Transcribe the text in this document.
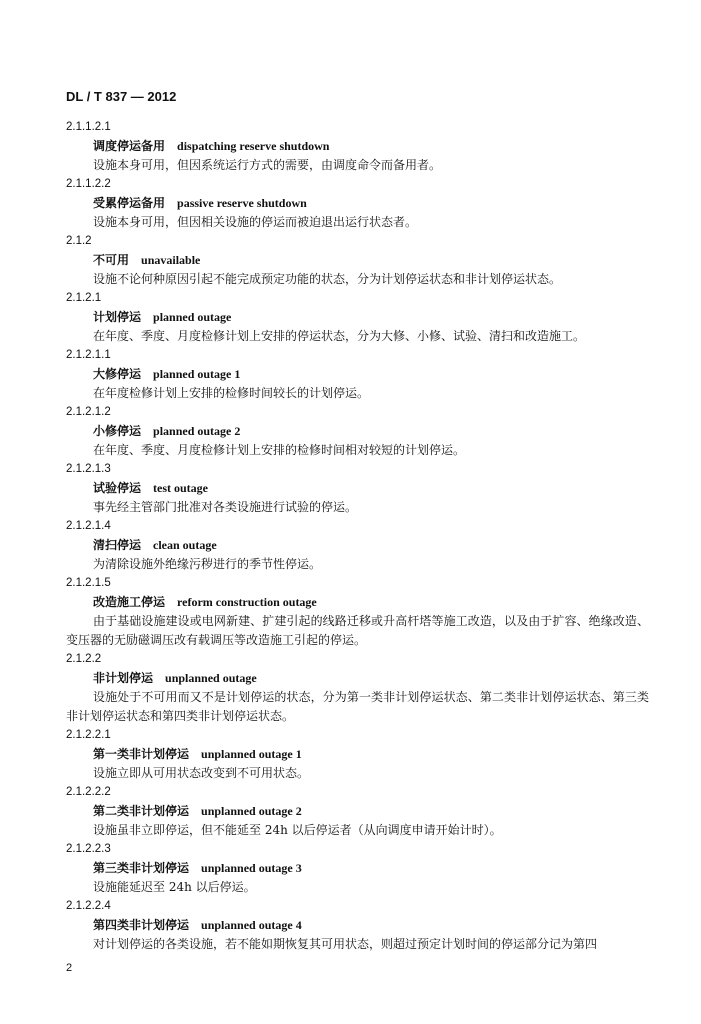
DL / T 837 — 2012
2.1.1.2.1
调度停运备用 dispatching reserve shutdown
设施本身可用，但因系统运行方式的需要，由调度命令而备用者。
2.1.1.2.2
受累停运备用 passive reserve shutdown
设施本身可用，但因相关设施的停运而被迫退出运行状态者。
2.1.2
不可用 unavailable
设施不论何种原因引起不能完成预定功能的状态，分为计划停运状态和非计划停运状态。
2.1.2.1
计划停运 planned outage
在年度、季度、月度检修计划上安排的停运状态，分为大修、小修、试验、清扫和改造施工。
2.1.2.1.1
大修停运 planned outage 1
在年度检修计划上安排的检修时间较长的计划停运。
2.1.2.1.2
小修停运 planned outage 2
在年度、季度、月度检修计划上安排的检修时间相对较短的计划停运。
2.1.2.1.3
试验停运 test outage
事先经主管部门批准对各类设施进行试验的停运。
2.1.2.1.4
清扫停运 clean outage
为清除设施外绝缘污秽进行的季节性停运。
2.1.2.1.5
改造施工停运 reform construction outage
由于基础设施建设或电网新建、扩建引起的线路迁移或升高杆塔等施工改造，以及由于扩容、绝缘改造、变压器的无励磁调压改有载调压等改造施工引起的停运。
2.1.2.2
非计划停运 unplanned outage
设施处于不可用而又不是计划停运的状态，分为第一类非计划停运状态、第二类非计划停运状态、第三类非计划停运状态和第四类非计划停运状态。
2.1.2.2.1
第一类非计划停运 unplanned outage 1
设施立即从可用状态改变到不可用状态。
2.1.2.2.2
第二类非计划停运 unplanned outage 2
设施虽非立即停运，但不能延至 24h 以后停运者（从向调度申请开始计时）。
2.1.2.2.3
第三类非计划停运 unplanned outage 3
设施能延迟至 24h 以后停运。
2.1.2.2.4
第四类非计划停运 unplanned outage 4
对计划停运的各类设施，若不能如期恢复其可用状态，则超过预定计划时间的停运部分记为第四
2
